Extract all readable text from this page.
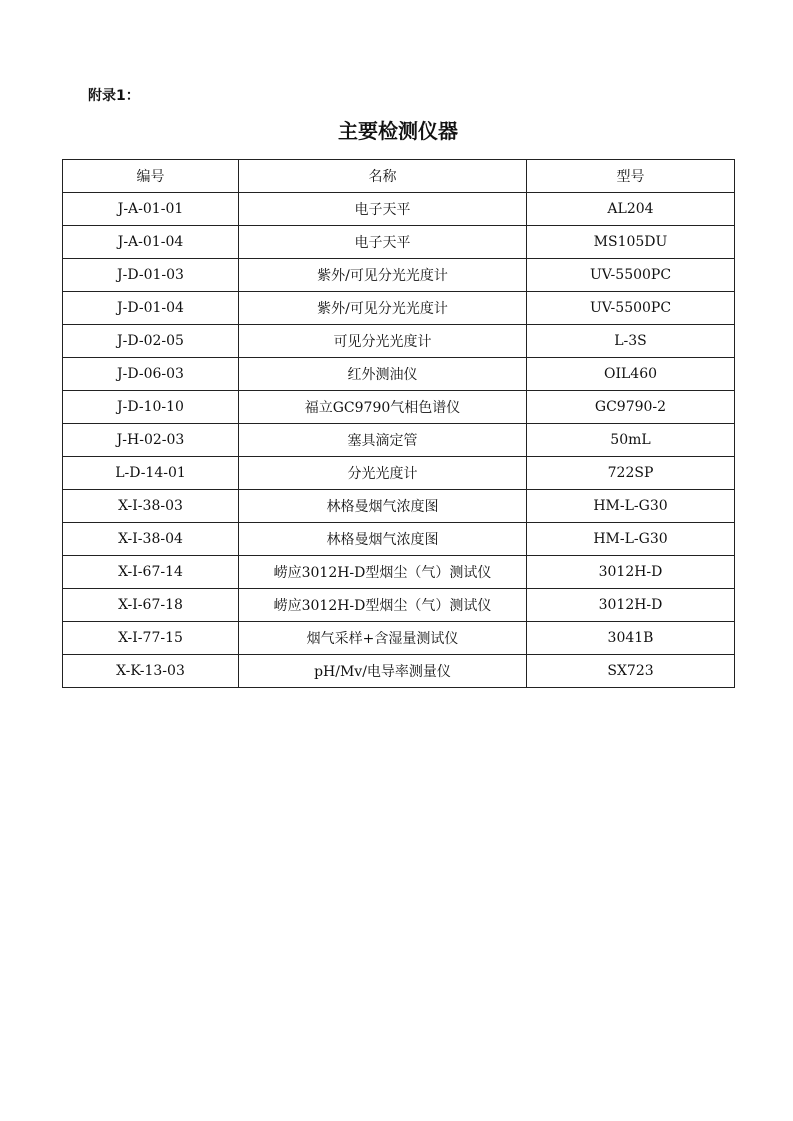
附录1：
主要检测仪器
编号	名称	型号
J-A-01-01	电子天平	AL204
J-A-01-04	电子天平	MS105DU
J-D-01-03	紫外/可见分光光度计	UV-5500PC
J-D-01-04	紫外/可见分光光度计	UV-5500PC
J-D-02-05	可见分光光度计	L-3S
J-D-06-03	红外测油仪	OIL460
J-D-10-10	福立GC9790气相色谱仪	GC9790-2
J-H-02-03	塞具滴定管	50mL
L-D-14-01	分光光度计	722SP
X-I-38-03	林格曼烟气浓度图	HM-L-G30
X-I-38-04	林格曼烟气浓度图	HM-L-G30
X-I-67-14	崂应3012H-D型烟尘（气）测试仪	3012H-D
X-I-67-18	崂应3012H-D型烟尘（气）测试仪	3012H-D
X-I-77-15	烟气采样+含湿量测试仪	3041B
X-K-13-03	pH/Mv/电导率测量仪	SX723
